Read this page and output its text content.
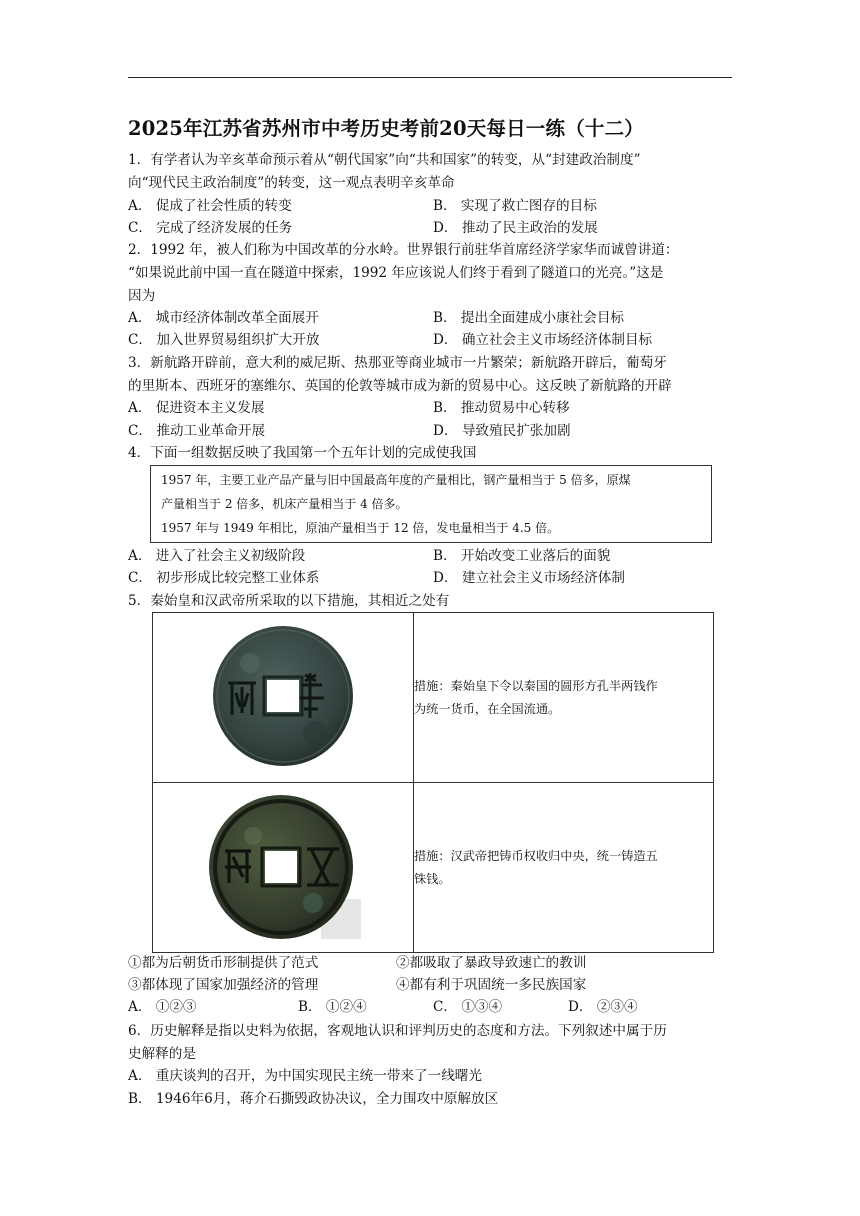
2025年江苏省苏州市中考历史考前20天每日一练（十二）
1．有学者认为辛亥革命预示着从“朝代国家”向“共和国家”的转变，从“封建政治制度”
向“现代民主政治制度”的转变，这一观点表明辛亥革命
A． 促成了社会性质的转变	B． 实现了救亡图存的目标
C． 完成了经济发展的任务	D． 推动了民主政治的发展
2．1992 年，被人们称为中国改革的分水岭。世界银行前驻华首席经济学家华而诚曾讲道：
“如果说此前中国一直在隧道中探索，1992 年应该说人们终于看到了隧道口的光亮。”这是
因为
A． 城市经济体制改革全面展开	B． 提出全面建成小康社会目标
C． 加入世界贸易组织扩大开放	D． 确立社会主义市场经济体制目标
3．新航路开辟前，意大利的威尼斯、热那亚等商业城市一片繁荣；新航路开辟后，葡萄牙
的里斯本、西班牙的塞维尔、英国的伦敦等城市成为新的贸易中心。这反映了新航路的开辟
A． 促进资本主义发展	B． 推动贸易中心转移
C． 推动工业革命开展	D． 导致殖民扩张加剧
4．下面一组数据反映了我国第一个五年计划的完成使我国
1957 年，主要工业产品产量与旧中国最高年度的产量相比，钢产量相当于 5 倍多，原煤
产量相当于 2 倍多，机床产量相当于 4 倍多。
1957 年与 1949 年相比，原油产量相当于 12 倍，发电量相当于 4.5 倍。
A． 进入了社会主义初级阶段	B． 开始改变工业落后的面貌
C． 初步形成比较完整工业体系	D． 建立社会主义市场经济体制
5．秦始皇和汉武帝所采取的以下措施，其相近之处有

措施：秦始皇下令以秦国的圆形方孔半两钱作
为统一货币，在全国流通。

措施：汉武帝把铸币权收归中央，统一铸造五
铢钱。
①都为后朝货币形制提供了范式	②都吸取了暴政导致速亡的教训
③都体现了国家加强经济的管理	④都有利于巩固统一多民族国家
A． ①②③	B． ①②④	C． ①③④	D． ②③④
6．历史解释是指以史料为依据，客观地认识和评判历史的态度和方法。下列叙述中属于历
史解释的是
A． 重庆谈判的召开，为中国实现民主统一带来了一线曙光
B． 1946年6月，蒋介石撕毁政协决议，全力围攻中原解放区
